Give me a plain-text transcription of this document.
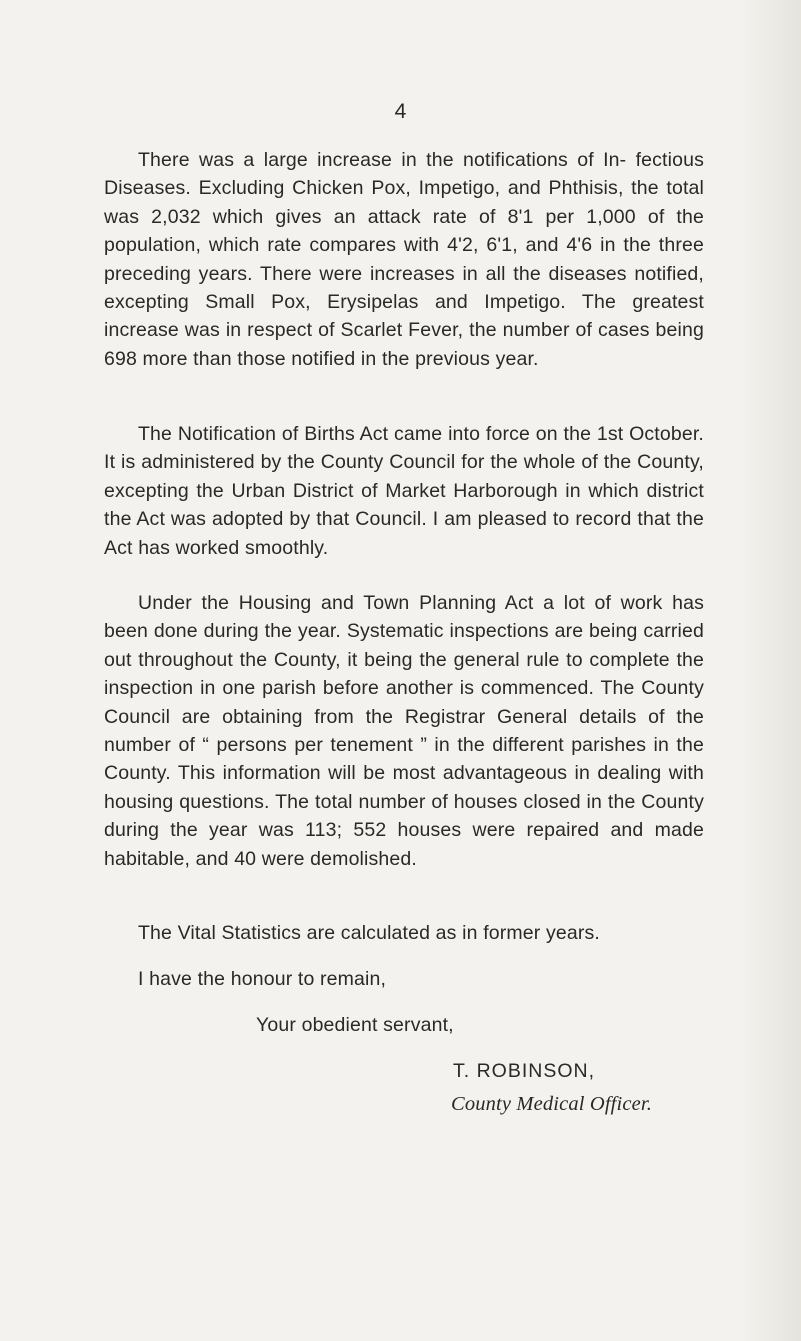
4

There was a large increase in the notifications of In- fectious Diseases. Excluding Chicken Pox, Impetigo, and Phthisis, the total was 2,032 which gives an attack rate of 8'1 per 1,000 of the population, which rate compares with 4'2, 6'1, and 4'6 in the three preceding years. There were increases in all the diseases notified, excepting Small Pox, Erysipelas and Impetigo. The greatest increase was in respect of Scarlet Fever, the number of cases being 698 more than those notified in the previous year.

The Notification of Births Act came into force on the 1st October. It is administered by the County Council for the whole of the County, excepting the Urban District of Market Harborough in which district the Act was adopted by that Council. I am pleased to record that the Act has worked smoothly.

Under the Housing and Town Planning Act a lot of work has been done during the year. Systematic inspections are being carried out throughout the County, it being the general rule to complete the inspection in one parish before another is commenced. The County Council are obtaining from the Registrar General details of the number of “ persons per tenement ” in the different parishes in the County. This information will be most advantageous in dealing with housing questions. The total number of houses closed in the County during the year was 113; 552 houses were repaired and made habitable, and 40 were demolished.

The Vital Statistics are calculated as in former years.
I have the honour to remain,
Your obedient servant,
T. ROBINSON,
County Medical Officer.
